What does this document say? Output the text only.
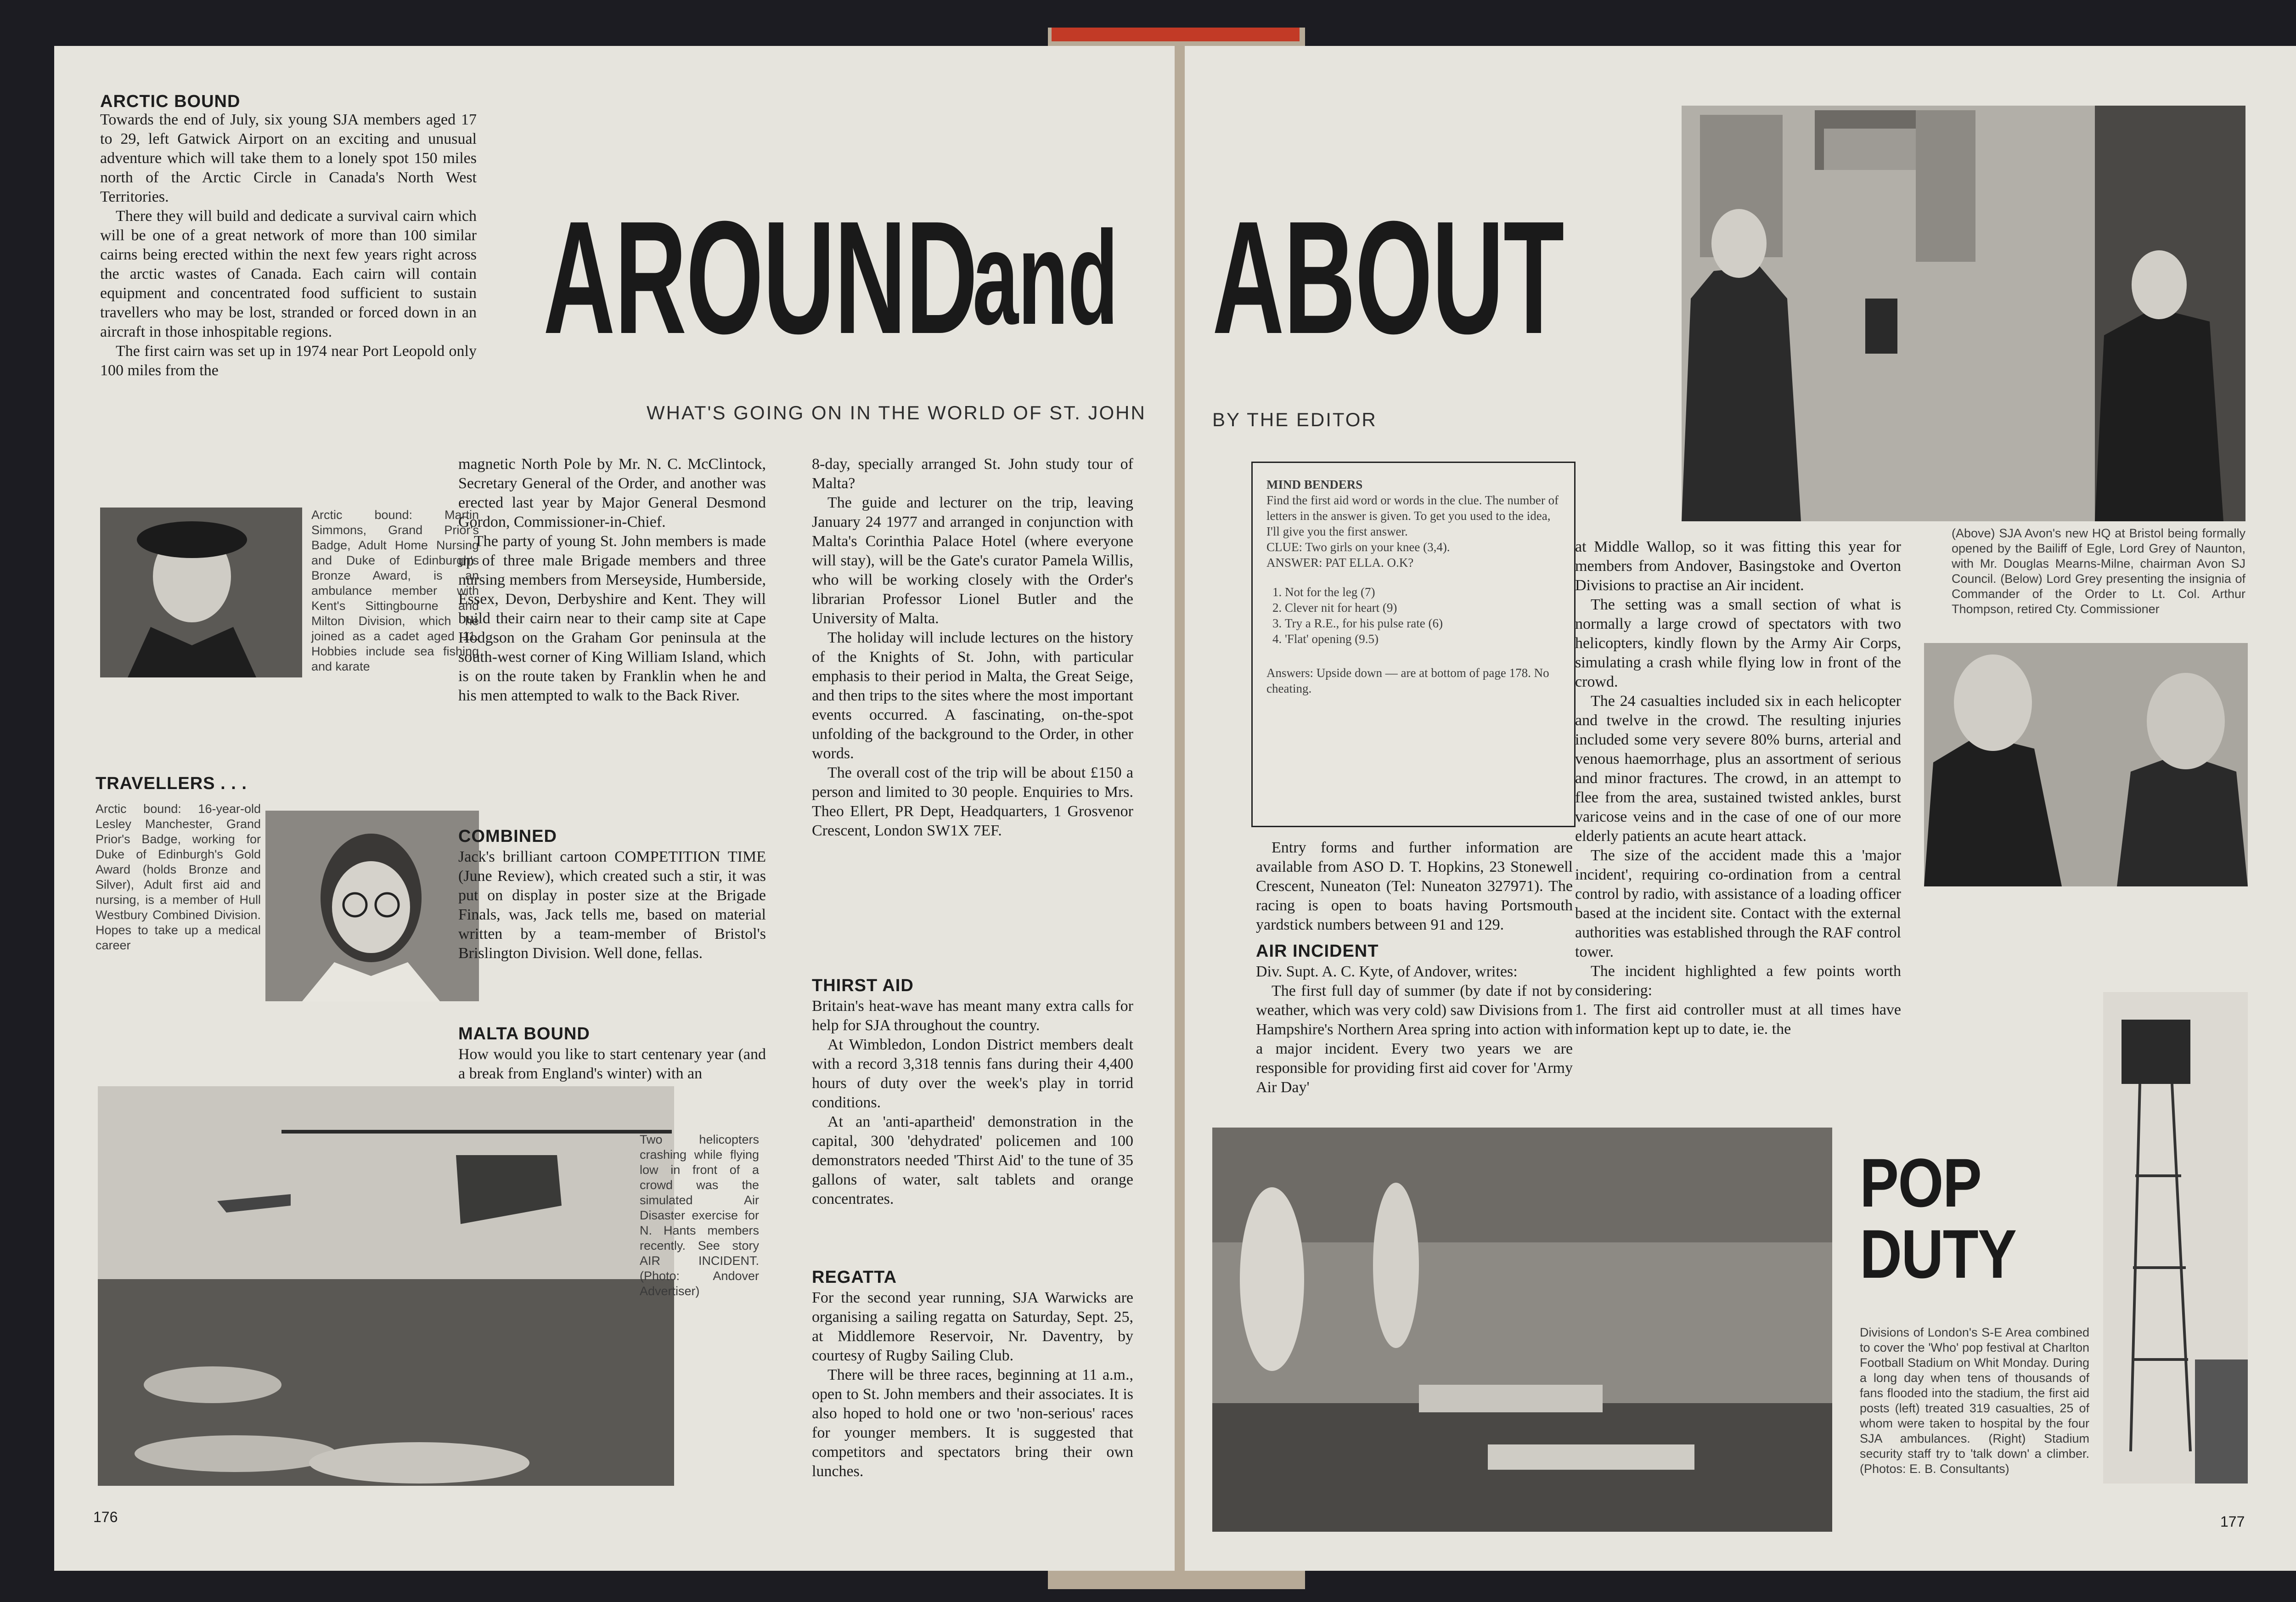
ARCTIC BOUND

Towards the end of July, six young SJA members aged 17 to 29, left Gatwick Airport on an exciting and unusual adventure which will take them to a lonely spot 150 miles north of the Arctic Circle in Canada's North West Territories.

There they will build and dedicate a survival cairn which will be one of a great network of more than 100 similar cairns being erected within the next few years right across the arctic wastes of Canada. Each cairn will contain equipment and concentrated food sufficient to sustain travellers who may be lost, stranded or forced down in an aircraft in those inhospitable regions.

The first cairn was set up in 1974 near Port Leopold only 100 miles from the

Arctic bound: Martin Simmons, Grand Prior's Badge, Adult Home Nursing and Duke of Edinburgh's Bronze Award, is an ambulance member with Kent's Sittingbourne and Milton Division, which he joined as a cadet aged 11. Hobbies include sea fishing and karate
TRAVELLERS . . .
Arctic bound: 16-year-old Lesley Manchester, Grand Prior's Badge, working for Duke of Edinburgh's Gold Award (holds Bronze and Silver), Adult first aid and nursing, is a member of Hull Westbury Combined Division. Hopes to take up a medical career
AROUND
and
WHAT'S GOING ON IN THE WORLD OF ST. JOHN

magnetic North Pole by Mr. N. C. McClintock, Secretary General of the Order, and another was erected last year by Major General Desmond Gordon, Commissioner-in-Chief.

The party of young St. John members is made up of three male Brigade members and three nursing members from Merseyside, Humberside, Essex, Devon, Derbyshire and Kent. They will build their cairn near to their camp site at Cape Hodgson on the Graham Gor peninsula at the south-west corner of King William Island, which is on the route taken by Franklin when he and his men attempted to walk to the Back River.

COMBINED

Jack's brilliant cartoon COMPETITION TIME (June Review), which created such a stir, it was put on display in poster size at the Brigade Finals, was, Jack tells me, based on material written by a team-member of Bristol's Brislington Division. Well done, fellas.

MALTA BOUND

How would you like to start centenary year (and a break from England's winter) with an

8-day, specially arranged St. John study tour of Malta?

The guide and lecturer on the trip, leaving January 24 1977 and arranged in conjunction with Malta's Corinthia Palace Hotel (where everyone will stay), will be the Gate's curator Pamela Willis, who will be working closely with the Order's librarian Professor Lionel Butler and the University of Malta.

The holiday will include lectures on the history of the Knights of St. John, with particular emphasis to their period in Malta, the Great Seige, and then trips to the sites where the most important events occurred. A fascinating, on-the-spot unfolding of the background to the Order, in other words.

The overall cost of the trip will be about £150 a person and limited to 30 people. Enquiries to Mrs. Theo Ellert, PR Dept, Headquarters, 1 Grosvenor Crescent, London SW1X 7EF.

THIRST AID

Britain's heat-wave has meant many extra calls for help for SJA throughout the country.

At Wimbledon, London District members dealt with a record 3,318 tennis fans during their 4,400 hours of duty over the week's play in torrid conditions.

At an 'anti-apartheid' demonstration in the capital, 300 'dehydrated' policemen and 100 demonstrators needed 'Thirst Aid' to the tune of 35 gallons of water, salt tablets and orange concentrates.

REGATTA

For the second year running, SJA Warwicks are organising a sailing regatta on Saturday, Sept. 25, at Middlemore Reservoir, Nr. Daventry, by courtesy of Rugby Sailing Club.

There will be three races, beginning at 11 a.m., open to St. John members and their associates. It is also hoped to hold one or two 'non-serious' races for younger members. It is suggested that competitors and spectators bring their own lunches.

Two helicopters crashing while flying low in front of a crowd was the simulated Air Disaster exercise for N. Hants members recently. See story AIR INCIDENT. (Photo: Andover Advertiser)
176
ABOUT
BY THE EDITOR
MIND BENDERS
Find the first aid word or words in the clue. The number of letters in the answer is given. To get you used to the idea, I'll give you the first answer.
CLUE: Two girls on your knee (3,4).
ANSWER: PAT ELLA. O.K?
1. Not for the leg (7)
2. Clever nit for heart (9)
3. Try a R.E., for his pulse rate (6)
4. 'Flat' opening (9.5)
Answers: Upside down — are at bottom of page 178. No cheating.

Entry forms and further information are available from ASO D. T. Hopkins, 23 Stonewell Crescent, Nuneaton (Tel: Nuneaton 327971). The racing is open to boats having Portsmouth yardstick numbers between 91 and 129.

AIR INCIDENT

Div. Supt. A. C. Kyte, of Andover, writes:

The first full day of summer (by date if not by weather, which was very cold) saw Divisions from Hampshire's Northern Area spring into action with a major incident. Every two years we are responsible for providing first aid cover for 'Army Air Day'

at Middle Wallop, so it was fitting this year for members from Andover, Basingstoke and Overton Divisions to practise an Air incident.

The setting was a small section of what is normally a large crowd of spectators with two helicopters, kindly flown by the Army Air Corps, simulating a crash while flying low in front of the crowd.

The 24 casualties included six in each helicopter and twelve in the crowd. The resulting injuries included some very severe 80% burns, arterial and venous haemorrhage, plus an assortment of serious and minor fractures. The crowd, in an attempt to flee from the area, sustained twisted ankles, burst varicose veins and in the case of one of our more elderly patients an acute heart attack.

The size of the accident made this a 'major incident', requiring co-ordination from a central control by radio, with assistance of a loading officer based at the incident site. Contact with the external authorities was established through the RAF control tower.

The incident highlighted a few points worth considering:

1. The first aid controller must at all times have information kept up to date, ie. the

(Above) SJA Avon's new HQ at Bristol being formally opened by the Bailiff of Egle, Lord Grey of Naunton, with Mr. Douglas Mearns-Milne, chairman Avon SJ Council. (Below) Lord Grey presenting the insignia of Commander of the Order to Lt. Col. Arthur Thompson, retired Cty. Commissioner
POP
DUTY
Divisions of London's S-E Area combined to cover the 'Who' pop festival at Charlton Football Stadium on Whit Monday. During a long day when tens of thousands of fans flooded into the stadium, the first aid posts (left) treated 319 casualties, 25 of whom were taken to hospital by the four SJA ambulances. (Right) Stadium security staff try to 'talk down' a climber. (Photos: E. B. Consultants)
177
